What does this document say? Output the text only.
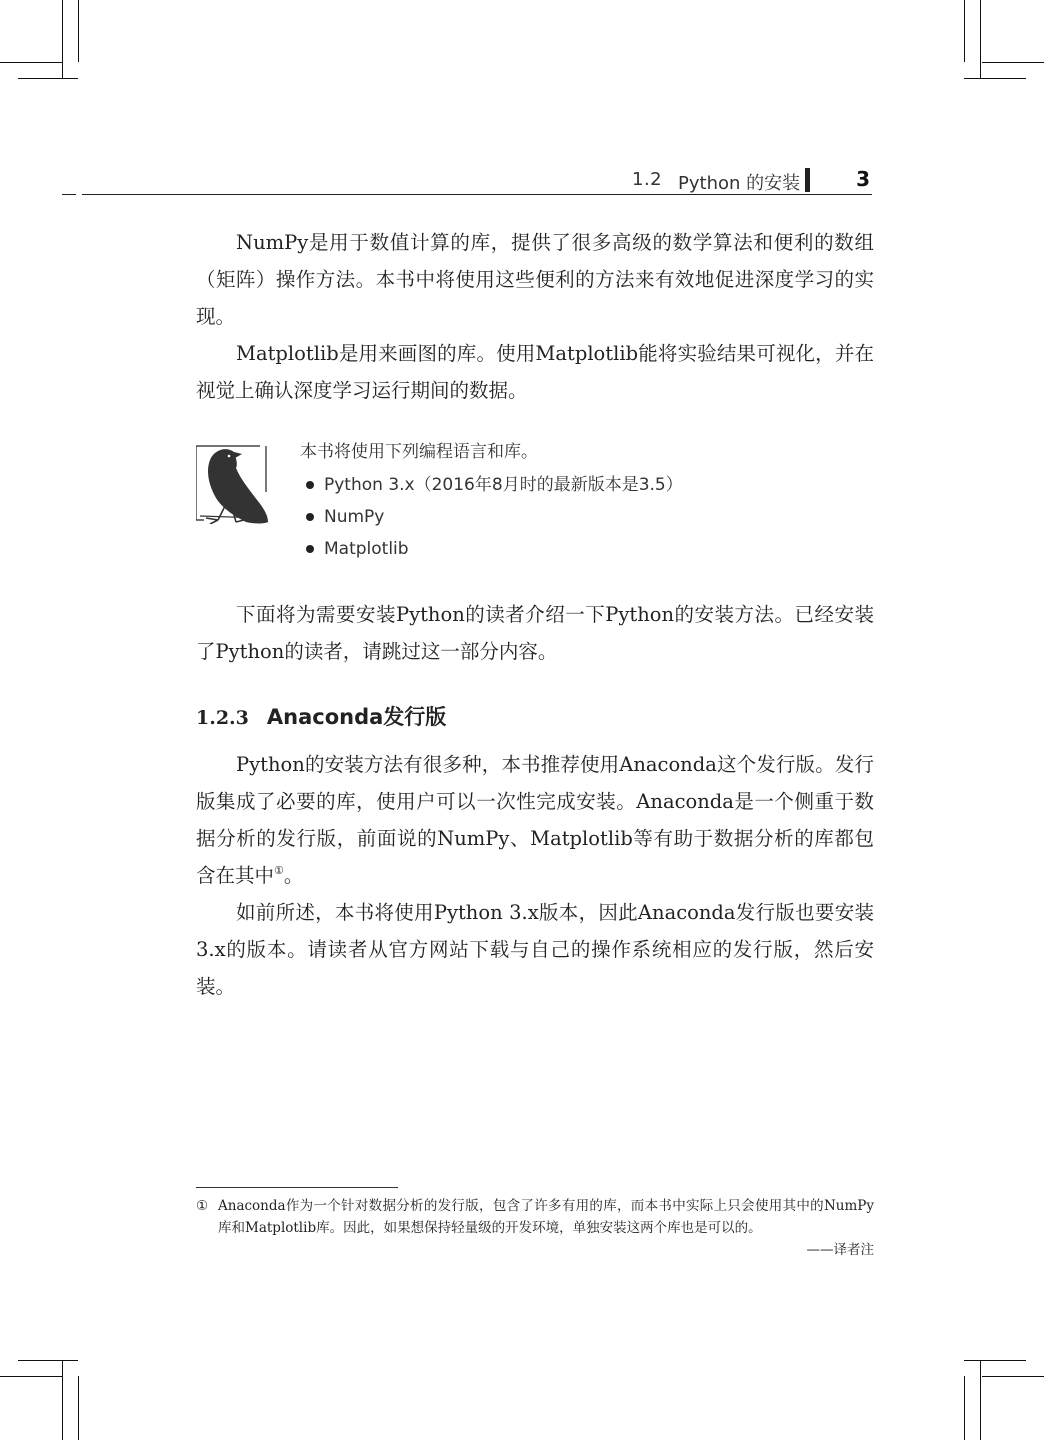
1.2 Python 的安装	3

NumPy是用于数值计算的库，提供了很多高级的数学算法和便利的数组（矩阵）操作方法。本书中将使用这些便利的方法来有效地促进深度学习的实现。

Matplotlib是用来画图的库。使用Matplotlib能将实验结果可视化，并在视觉上确认深度学习运行期间的数据。

本书将使用下列编程语言和库。

Python 3.x（2016年8月时的最新版本是3.5）
NumPy
Matplotlib

下面将为需要安装Python的读者介绍一下Python的安装方法。已经安装了Python的读者，请跳过这一部分内容。

1.2.3 Anaconda发行版

Python的安装方法有很多种，本书推荐使用Anaconda这个发行版。发行版集成了必要的库，使用户可以一次性完成安装。Anaconda是一个侧重于数据分析的发行版，前面说的NumPy、Matplotlib等有助于数据分析的库都包含在其中①。

如前所述，本书将使用Python 3.x版本，因此Anaconda发行版也要安装3.x的版本。请读者从官方网站下载与自己的操作系统相应的发行版，然后安装。

① Anaconda作为一个针对数据分析的发行版，包含了许多有用的库，而本书中实际上只会使用其中的NumPy库和Matplotlib库。因此，如果想保持轻量级的开发环境，单独安装这两个库也是可以的。
——译者注
